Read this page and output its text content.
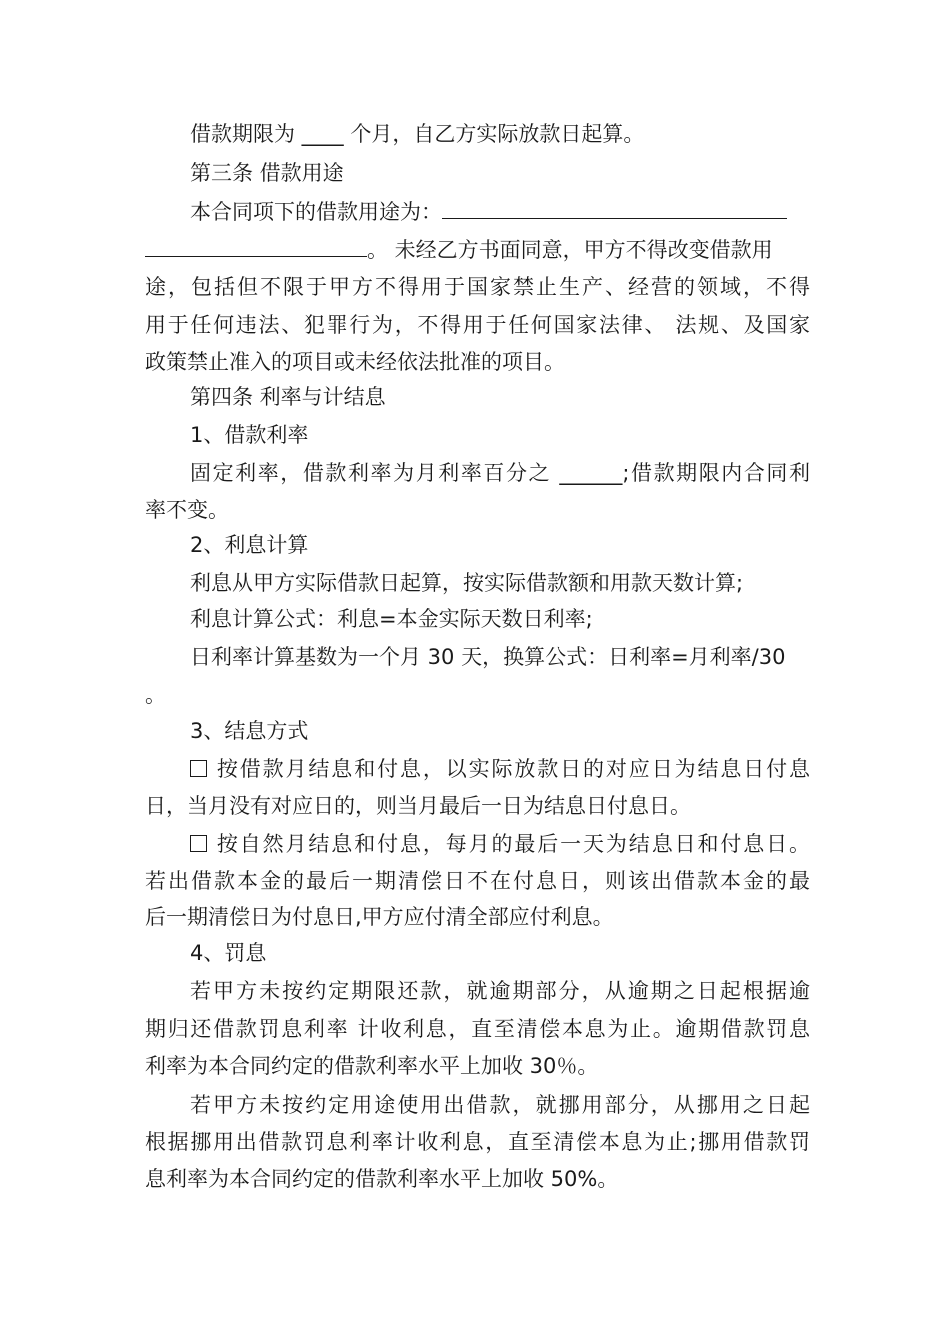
借款期限为 ____ 个月，自乙方实际放款日起算。
第三条 借款用途
本合同项下的借款用途为：
。 未经乙方书面同意，甲方不得改变借款用
途，包括但不限于甲方不得用于国家禁止生产、经营的领域，不得
用于任何违法、犯罪行为，不得用于任何国家法律、 法规、及国家
政策禁止准入的项目或未经依法批准的项目。
第四条 利率与计结息
1、借款利率
固定利率，借款利率为月利率百分之 ______;借款期限内合同利
率不变。
2、利息计算
利息从甲方实际借款日起算，按实际借款额和用款天数计算;
利息计算公式：利息=本金实际天数日利率;
日利率计算基数为一个月 30 天，换算公式：日利率=月利率/30
。
3、结息方式
按借款月结息和付息，以实际放款日的对应日为结息日付息
日，当月没有对应日的，则当月最后一日为结息日付息日。
按自然月结息和付息，每月的最后一天为结息日和付息日。
若出借款本金的最后一期清偿日不在付息日，则该出借款本金的最
后一期清偿日为付息日,甲方应付清全部应付利息。
4、罚息
若甲方未按约定期限还款，就逾期部分，从逾期之日起根据逾
期归还借款罚息利率 计收利息，直至清偿本息为止。逾期借款罚息
利率为本合同约定的借款利率水平上加收 30％。
若甲方未按约定用途使用出借款，就挪用部分，从挪用之日起
根据挪用出借款罚息利率计收利息，直至清偿本息为止;挪用借款罚
息利率为本合同约定的借款利率水平上加收 50%。
